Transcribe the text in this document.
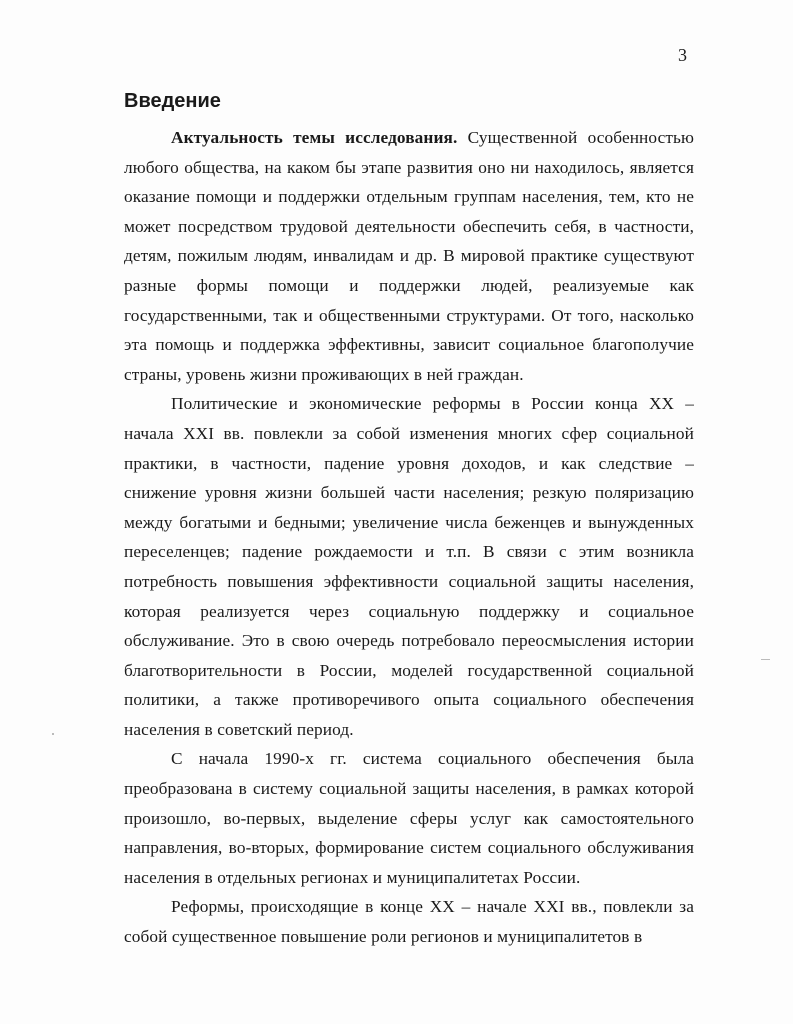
3
Введение

Актуальность темы исследования. Существенной особенностью любого общества, на каком бы этапе развития оно ни находилось, является оказание помощи и поддержки отдельным группам населения, тем, кто не может посредством трудовой деятельности обеспечить себя, в частности, детям, пожилым людям, инвалидам и др. В мировой практике существуют разные формы помощи и поддержки людей, реализуемые как государственными, так и общественными структурами. От того, насколько эта помощь и поддержка эффективны, зависит социальное благополучие страны, уровень жизни проживающих в ней граждан.

Политические и экономические реформы в России конца XX – начала XXI вв. повлекли за собой изменения многих сфер социальной практики, в частности, падение уровня доходов, и как следствие – снижение уровня жизни большей части населения; резкую поляризацию между богатыми и бедными; увеличение числа беженцев и вынужденных переселенцев; падение рождаемости и т.п. В связи с этим возникла потребность повышения эффективности социальной защиты населения, которая реализуется через социальную поддержку и социальное обслуживание. Это в свою очередь потребовало переосмысления истории благотворительности в России, моделей государственной социальной политики, а также противоречивого опыта социального обеспечения населения в советский период.

С начала 1990-х гг. система социального обеспечения была преобразована в систему социальной защиты населения, в рамках которой произошло, во-первых, выделение сферы услуг как самостоятельного направления, во-вторых, формирование систем социального обслуживания населения в отдельных регионах и муниципалитетах России.

Реформы, происходящие в конце XX – начале XXI вв., повлекли за собой существенное повышение роли регионов и муниципалитетов в
